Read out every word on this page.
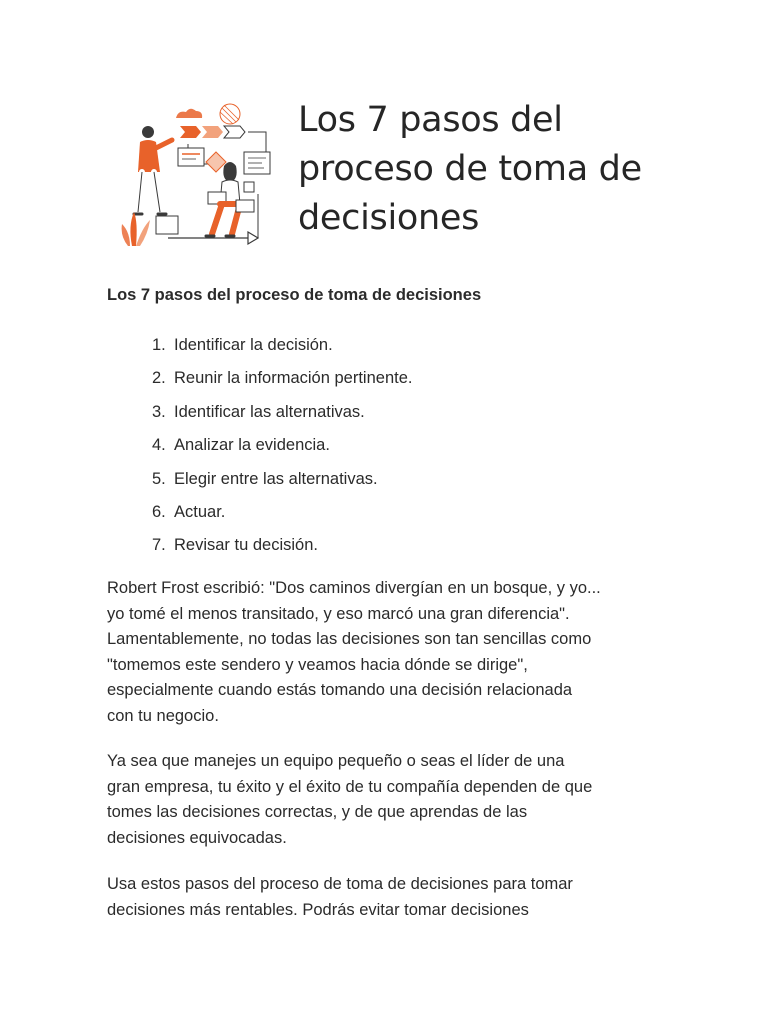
Los 7 pasos del
proceso de toma de
decisiones
Los 7 pasos del proceso de toma de decisiones
1. Identificar la decisión.
2. Reunir la información pertinente.
3. Identificar las alternativas.
4. Analizar la evidencia.
5. Elegir entre las alternativas.
6. Actuar.
7. Revisar tu decisión.

Robert Frost escribió: "Dos caminos divergían en un bosque, y yo...
yo tomé el menos transitado, y eso marcó una gran diferencia".
Lamentablemente, no todas las decisiones son tan sencillas como
"tomemos este sendero y veamos hacia dónde se dirige",
especialmente cuando estás tomando una decisión relacionada
con tu negocio.

Ya sea que manejes un equipo pequeño o seas el líder de una
gran empresa, tu éxito y el éxito de tu compañía dependen de que
tomes las decisiones correctas, y de que aprendas de las
decisiones equivocadas.

Usa estos pasos del proceso de toma de decisiones para tomar
decisiones más rentables. Podrás evitar tomar decisiones
